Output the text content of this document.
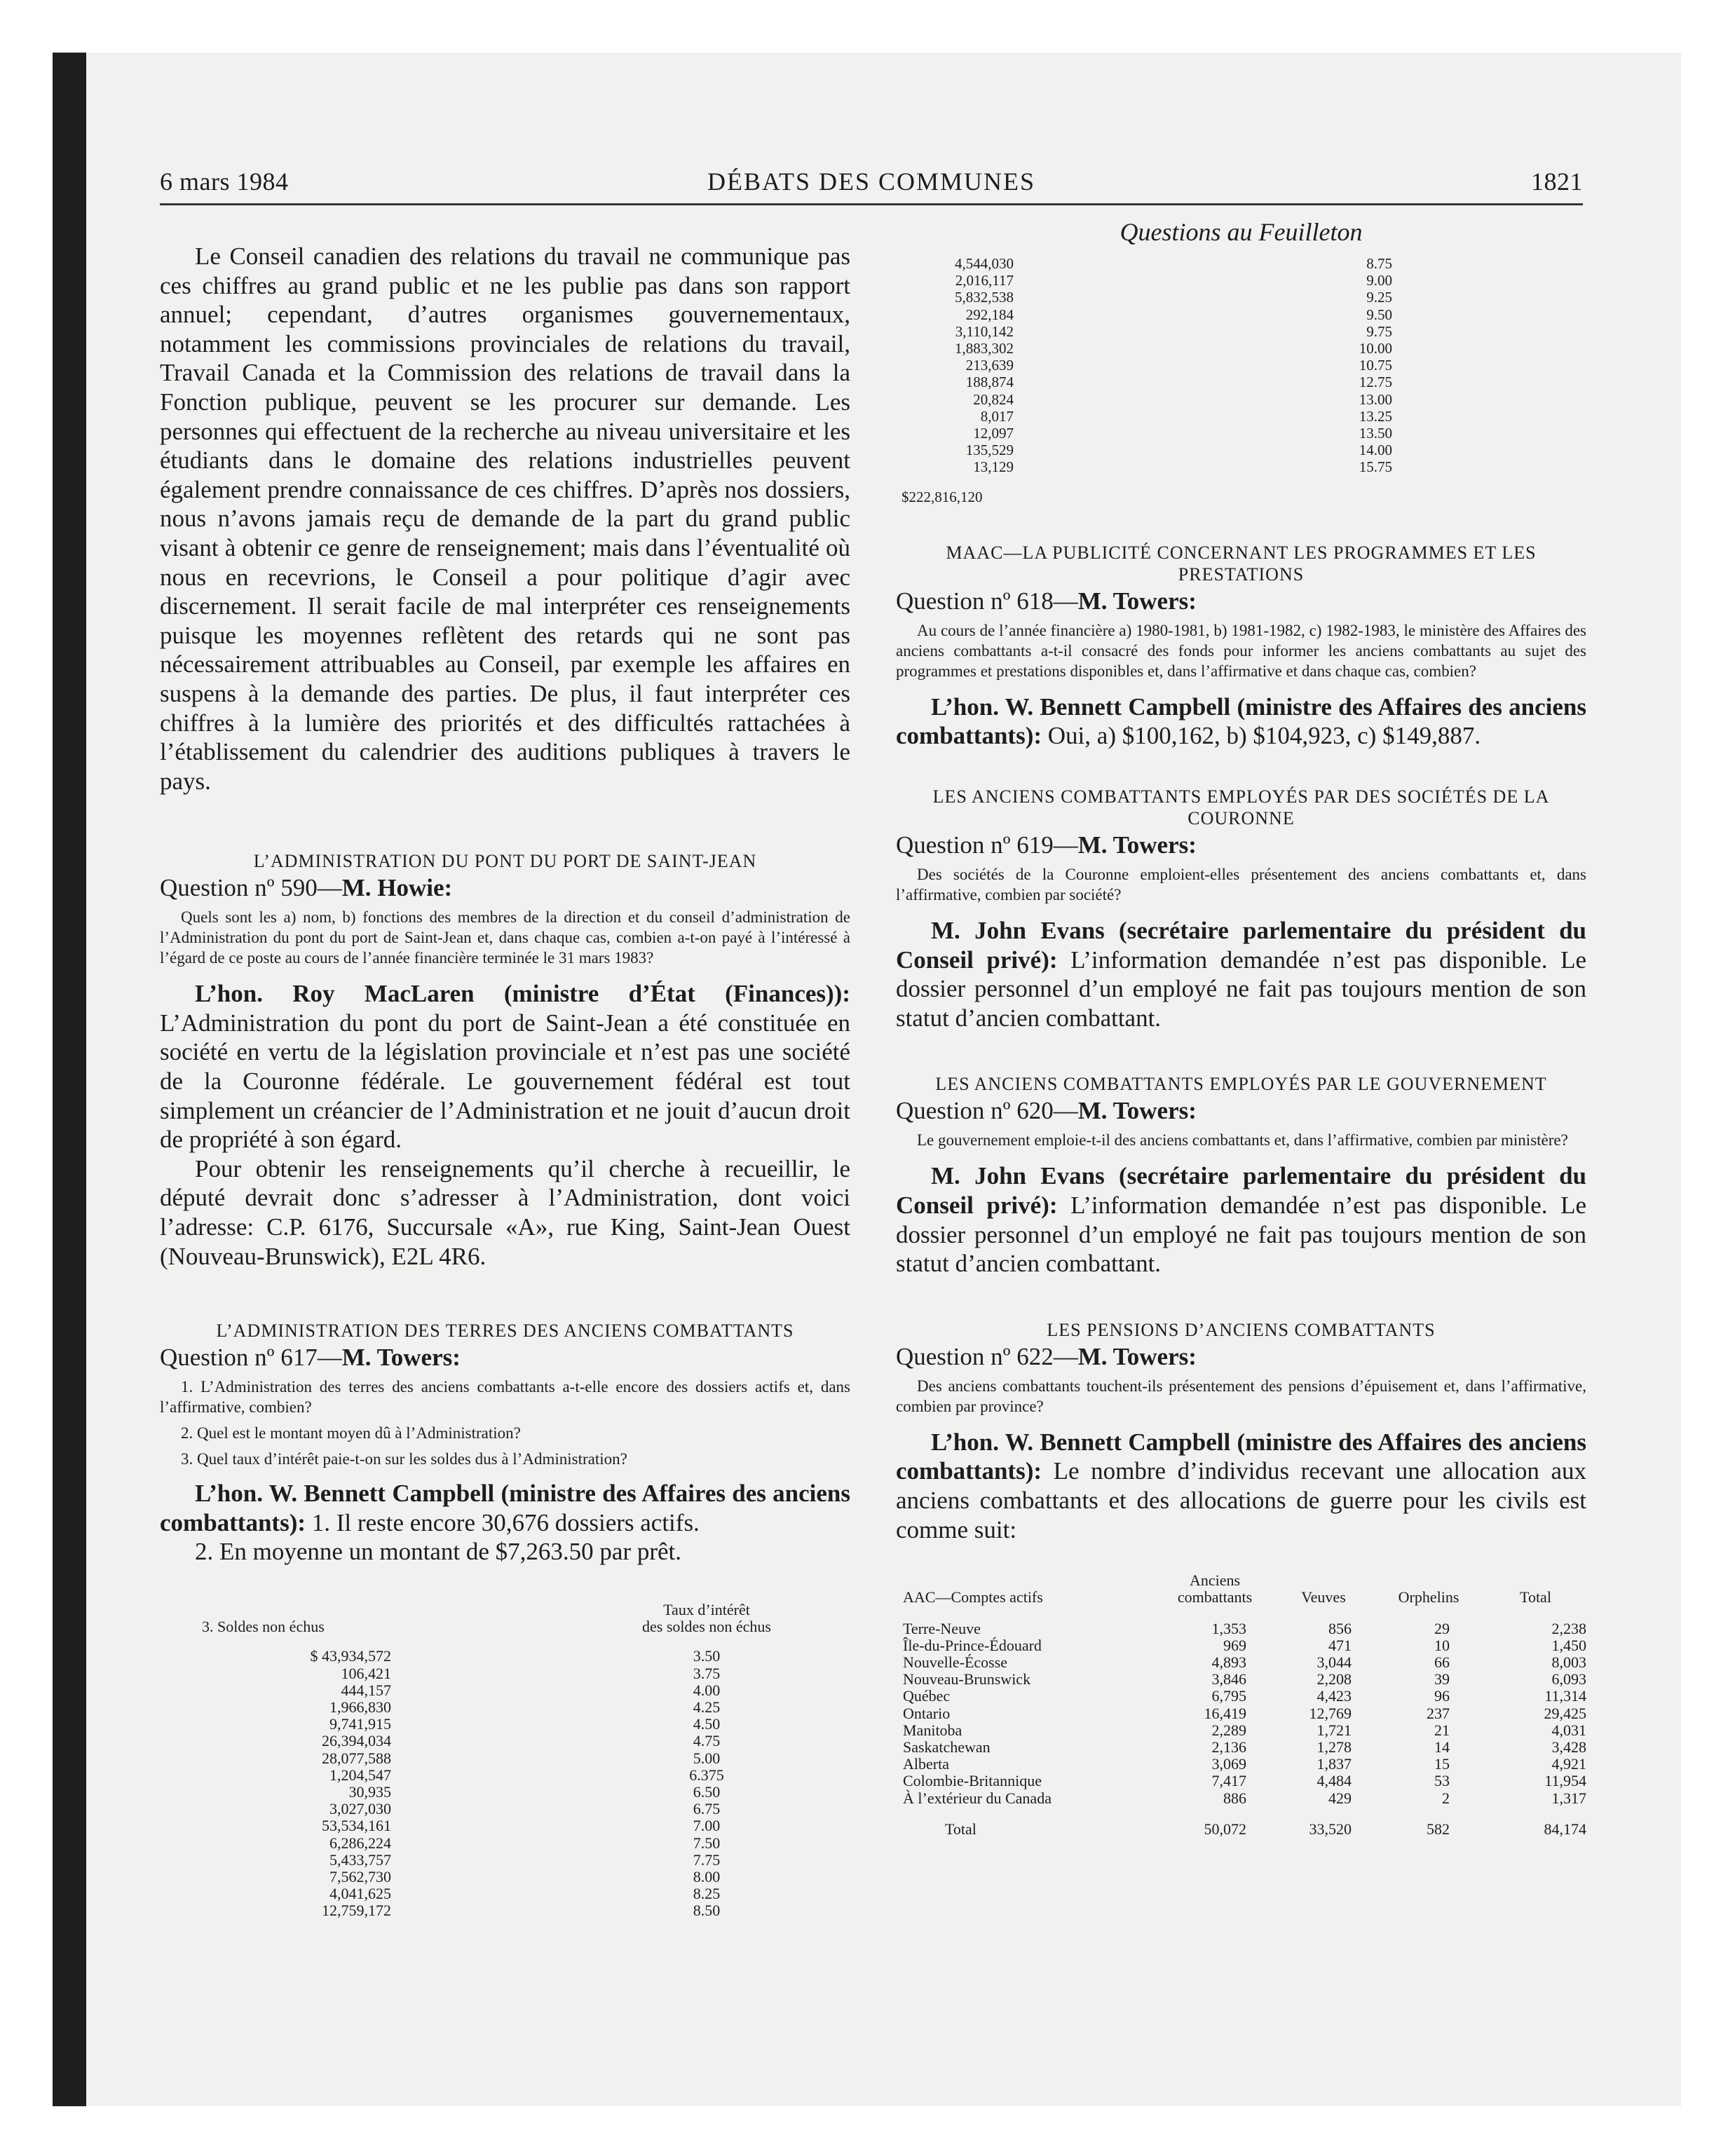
6 mars 1984	DÉBATS DES COMMUNES	1821

Le Conseil canadien des relations du travail ne communique pas ces chiffres au grand public et ne les publie pas dans son rapport annuel; cependant, d’autres organismes gouvernementaux, notamment les commissions provinciales de relations du travail, Travail Canada et la Commission des relations de travail dans la Fonction publique, peuvent se les procurer sur demande. Les personnes qui effectuent de la recherche au niveau universitaire et les étudiants dans le domaine des relations industrielles peuvent également prendre connaissance de ces chiffres. D’après nos dossiers, nous n’avons jamais reçu de demande de la part du grand public visant à obtenir ce genre de renseignement; mais dans l’éventualité où nous en recevrions, le Conseil a pour politique d’agir avec discernement. Il serait facile de mal interpréter ces renseignements puisque les moyennes reflètent des retards qui ne sont pas nécessairement attribuables au Conseil, par exemple les affaires en suspens à la demande des parties. De plus, il faut interpréter ces chiffres à la lumière des priorités et des difficultés rattachées à l’établissement du calendrier des auditions publiques à travers le pays.

L’ADMINISTRATION DU PONT DU PORT DE SAINT-JEAN

Question nº 590—M. Howie:

Quels sont les a) nom, b) fonctions des membres de la direction et du conseil d’administration de l’Administration du pont du port de Saint-Jean et, dans chaque cas, combien a-t-on payé à l’intéressé à l’égard de ce poste au cours de l’année financière terminée le 31 mars 1983?

L’hon. Roy MacLaren (ministre d’État (Finances)): L’Administration du pont du port de Saint-Jean a été constituée en société en vertu de la législation provinciale et n’est pas une société de la Couronne fédérale. Le gouvernement fédéral est tout simplement un créancier de l’Administration et ne jouit d’aucun droit de propriété à son égard.

Pour obtenir les renseignements qu’il cherche à recueillir, le député devrait donc s’adresser à l’Administration, dont voici l’adresse: C.P. 6176, Succursale «A», rue King, Saint-Jean Ouest (Nouveau-Brunswick), E2L 4R6.

L’ADMINISTRATION DES TERRES DES ANCIENS COMBATTANTS

Question nº 617—M. Towers:

1. L’Administration des terres des anciens combattants a-t-elle encore des dossiers actifs et, dans l’affirmative, combien?

2. Quel est le montant moyen dû à l’Administration?

3. Quel taux d’intérêt paie-t-on sur les soldes dus à l’Administration?

L’hon. W. Bennett Campbell (ministre des Affaires des anciens combattants): 1. Il reste encore 30,676 dossiers actifs.

2. En moyenne un montant de $7,263.50 par prêt.

3. Soldes non échus	Taux d’intérêt
des soldes non échus

$ 43,934,572	3.50
106,421	3.75
444,157	4.00
1,966,830	4.25
9,741,915	4.50
26,394,034	4.75
28,077,588	5.00
1,204,547	6.375
30,935	6.50
3,027,030	6.75
53,534,161	7.00
6,286,224	7.50
5,433,757	7.75
7,562,730	8.00
4,041,625	8.25
12,759,172	8.50
Questions au Feuilleton
4,544,030	8.75
2,016,117	9.00
5,832,538	9.25
292,184	9.50
3,110,142	9.75
1,883,302	10.00
213,639	10.75
188,874	12.75
20,824	13.00
8,017	13.25
12,097	13.50
135,529	14.00
13,129	15.75

$222,816,120	

MAAC—LA PUBLICITÉ CONCERNANT LES PROGRAMMES ET LES PRESTATIONS

Question nº 618—M. Towers:

Au cours de l’année financière a) 1980-1981, b) 1981-1982, c) 1982-1983, le ministère des Affaires des anciens combattants a-t-il consacré des fonds pour informer les anciens combattants au sujet des programmes et prestations disponibles et, dans l’affirmative et dans chaque cas, combien?

L’hon. W. Bennett Campbell (ministre des Affaires des anciens combattants): Oui, a) $100,162, b) $104,923, c) $149,887.

LES ANCIENS COMBATTANTS EMPLOYÉS PAR DES SOCIÉTÉS DE LA COURONNE

Question nº 619—M. Towers:

Des sociétés de la Couronne emploient-elles présentement des anciens combattants et, dans l’affirmative, combien par société?

M. John Evans (secrétaire parlementaire du président du Conseil privé): L’information demandée n’est pas disponible. Le dossier personnel d’un employé ne fait pas toujours mention de son statut d’ancien combattant.

LES ANCIENS COMBATTANTS EMPLOYÉS PAR LE GOUVERNEMENT

Question nº 620—M. Towers:

Le gouvernement emploie-t-il des anciens combattants et, dans l’affirmative, combien par ministère?

M. John Evans (secrétaire parlementaire du président du Conseil privé): L’information demandée n’est pas disponible. Le dossier personnel d’un employé ne fait pas toujours mention de son statut d’ancien combattant.

LES PENSIONS D’ANCIENS COMBATTANTS

Question nº 622—M. Towers:

Des anciens combattants touchent-ils présentement des pensions d’épuisement et, dans l’affirmative, combien par province?

L’hon. W. Bennett Campbell (ministre des Affaires des anciens combattants): Le nombre d’individus recevant une allocation aux anciens combattants et des allocations de guerre pour les civils est comme suit:

AAC—Comptes actifs	Anciens combattants	Veuves	Orphelins	Total

Terre-Neuve	1,353	856	29	2,238
Île-du-Prince-Édouard	969	471	10	1,450
Nouvelle-Écosse	4,893	3,044	66	8,003
Nouveau-Brunswick	3,846	2,208	39	6,093
Québec	6,795	4,423	96	11,314
Ontario	16,419	12,769	237	29,425
Manitoba	2,289	1,721	21	4,031
Saskatchewan	2,136	1,278	14	3,428
Alberta	3,069	1,837	15	4,921
Colombie-Britannique	7,417	4,484	53	11,954
À l’extérieur du Canada	886	429	2	1,317

Total	50,072	33,520	582	84,174
